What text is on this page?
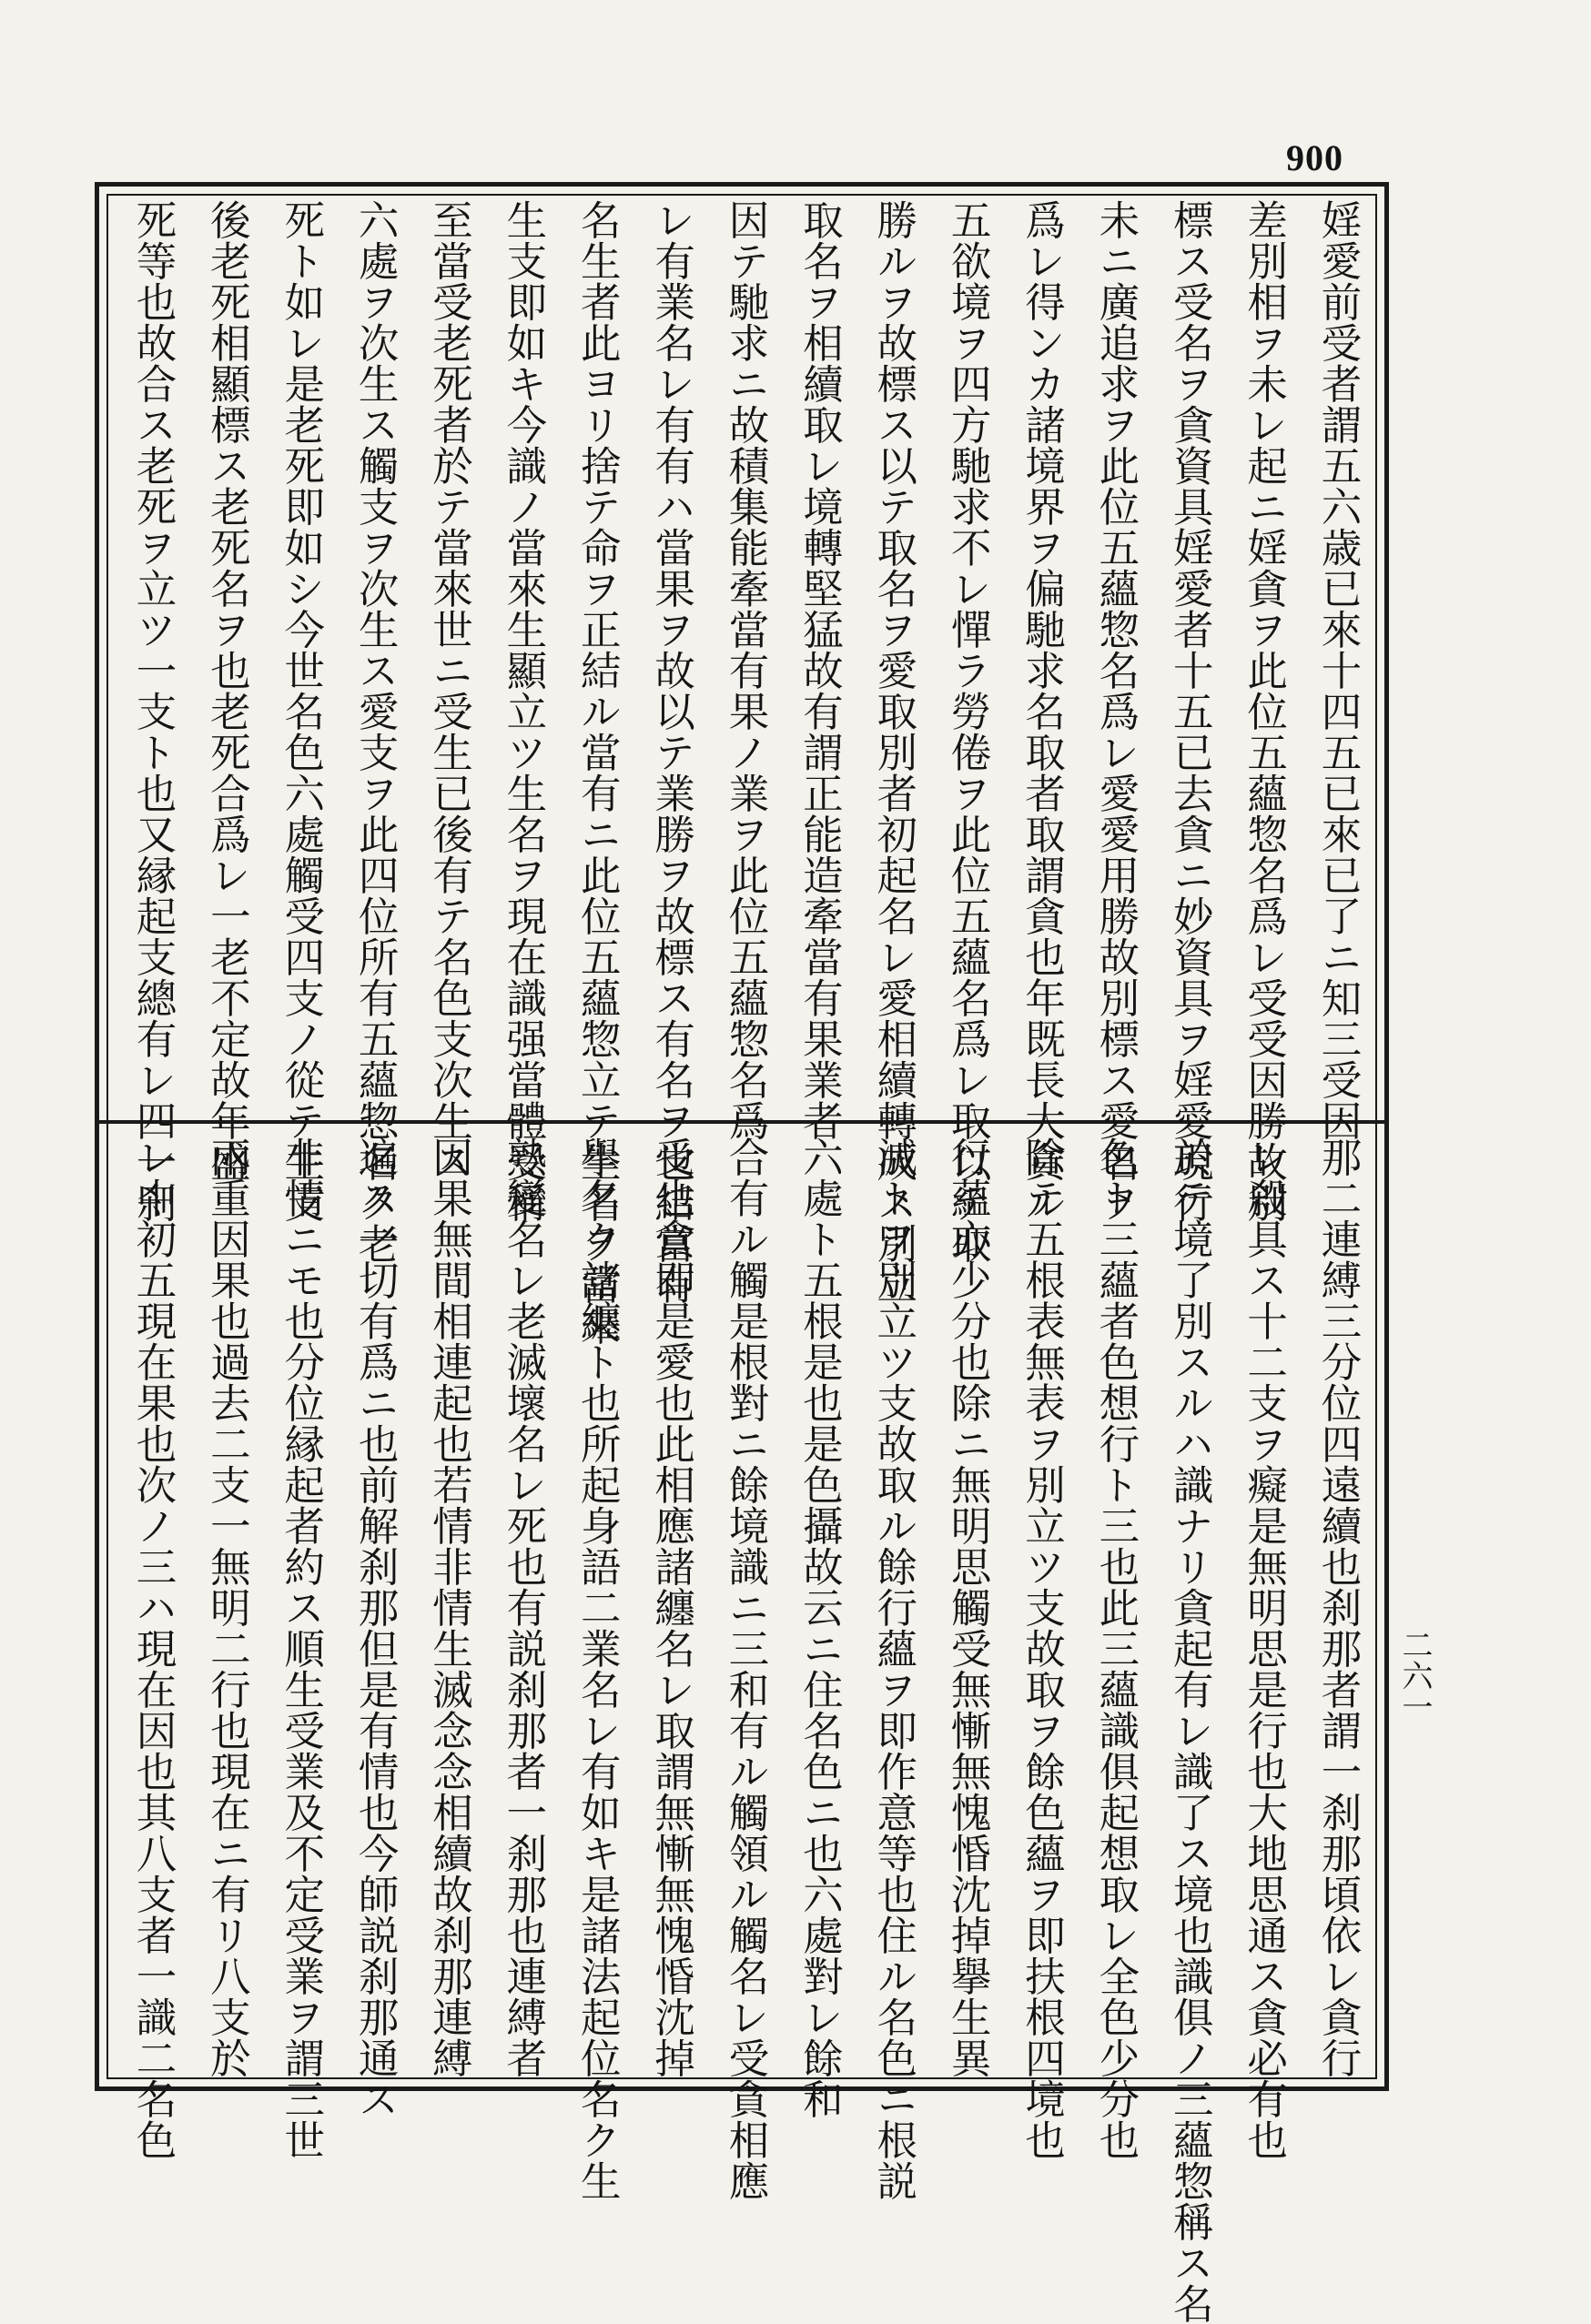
900
婬愛前受者謂五六歳已來十四五已來已了ニ知三受因
差別相ヲ未レ起ニ婬貪ヲ此位五蘊惣名爲レ受受因勝故別
標ス受名ヲ貪資具婬愛者十五已去貪ニ妙資具ヲ婬愛現行
未ニ廣追求ヲ此位五蘊惣名爲レ愛愛用勝故別標ス愛名ヲ
爲レ得ンカ諸境界ヲ偏馳求名取者取謂貪也年既長大貪ル
五欲境ヲ四方馳求不レ憚ラ勞倦ヲ此位五蘊名爲レ取以テ取
勝ルヲ故標ス以テ取名ヲ愛取別者初起名レ愛相續轉成ス別立
取名ヲ相續取レ境轉堅猛故有謂正能造牽當有果業者
因テ馳求ニ故積集能牽當有果ノ業ヲ此位五蘊惣名爲
レ有業名レ有有ハ當果ヲ故以テ業勝ヲ故標ス有名ヲ也結當有
名生者此ヨリ捨テ命ヲ正結ル當有ニ此位五蘊惣立テ生名ヲ當來
生支即如キ今識ノ當來生顯立ツ生名ヲ現在識强當體受稱
至當受老死者於テ當來世ニ受生已後有テ名色支次生ス
六處ヲ次生ス觸支ヲ次生ス愛支ヲ此四位所有五蘊惣名ク老
死ト如レ是老死即如シ今世名色六處觸受四支ノ從テ生支
後老死相顯標ス老死名ヲ也老死合爲レ一老不定故年盛
死等也故合ス老死ヲ立ツ一支ト也又縁起支總有レ四一刹
那二連縛三分位四遠續也刹那者謂一刹那頃依レ貪行
レ殺具ス十二支ヲ癡是無明思是行也大地思通ス貪必有也
於テ境了別スルハ識ナリ貪起有レ識了ス境也識俱ノ三蘊惣稱ス名
色ト三蘊者色想行ト三也此三蘊識俱起想取レ全色少分也
除テ五根表無表ヲ別立ツ支故取ヲ餘色蘊ヲ即扶根四境也
行蘊亦少分也除ニ無明思觸受無慚無愧惛沈掉擧生異
滅トヲ別立ツ支故取ル餘行蘊ヲ即作意等也住ル名色ニ根説
六處ト五根是也是色攝故云ニ住名色ニ也六處對レ餘和
合有ル觸是根對ニ餘境識ニ三和有ル觸領ル觸名レ受貪相應
受也貪即是愛也此相應諸纏名レ取謂無慚無愧惛沈掉
擧名ク諸纏ト也所起身語二業名レ有如キ是諸法起位名ク生
熟變名レ老滅壞名レ死也有説刹那者一刹那也連縛者
因果無間相連起也若情非情生滅念念相續故刹那連縛
遍ス一切有爲ニ也前解刹那但是有情也今師説刹那通ス
非情ニモ也分位縁起者約ス順生受業及不定受業ヲ謂三世
兩重因果也過去二支一無明二行也現在ニ有リ八支於
レ中初五現在果也次ノ三ハ現在因也其八支者一識二名色	二六一
